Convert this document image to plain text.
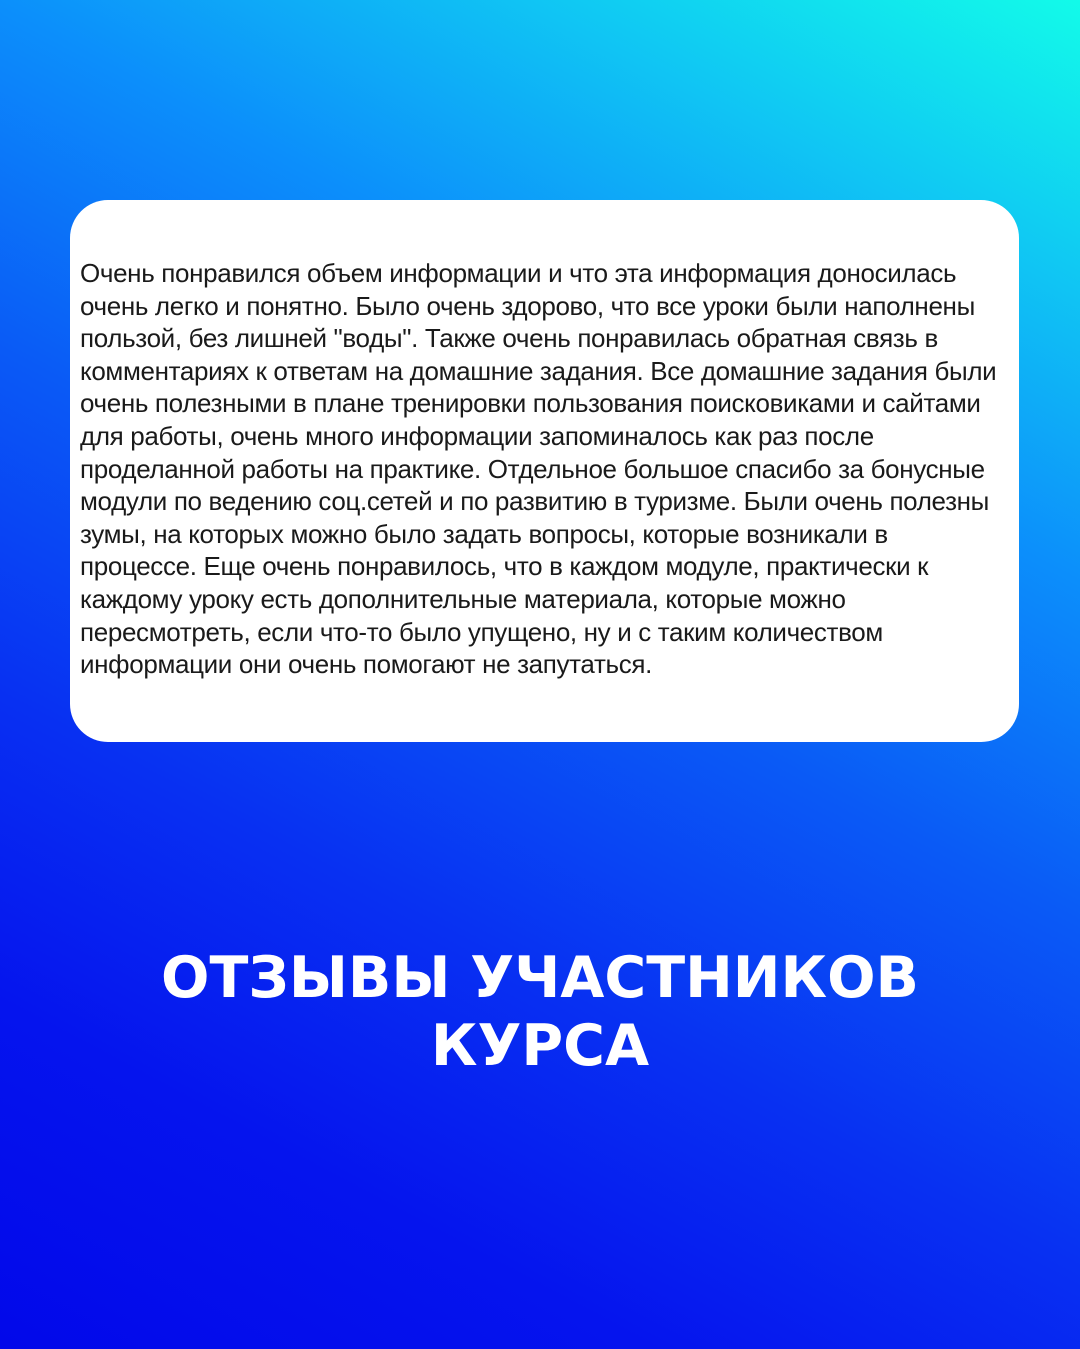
Очень понравился объем информации и что эта информация доносилась очень легко и понятно. Было очень здорово, что все уроки были наполнены пользой, без лишней "воды". Также очень понравилась обратная связь в комментариях к ответам на домашние задания. Все домашние задания были очень полезными в плане тренировки пользования поисковиками и сайтами для работы, очень много информации запоминалось как раз после проделанной работы на практике. Отдельное большое спасибо за бонусные модули по ведению соц.сетей и по развитию в туризме. Были очень полезны зумы, на которых можно было задать вопросы, которые возникали в процессе. Еще очень понравилось, что в каждом модуле, практически к каждому уроку есть дополнительные материала, которые можно пересмотреть, если что-то было упущено, ну и с таким количеством информации они очень помогают не запутаться.

ОТЗЫВЫ УЧАСТНИКОВ
КУРСА
